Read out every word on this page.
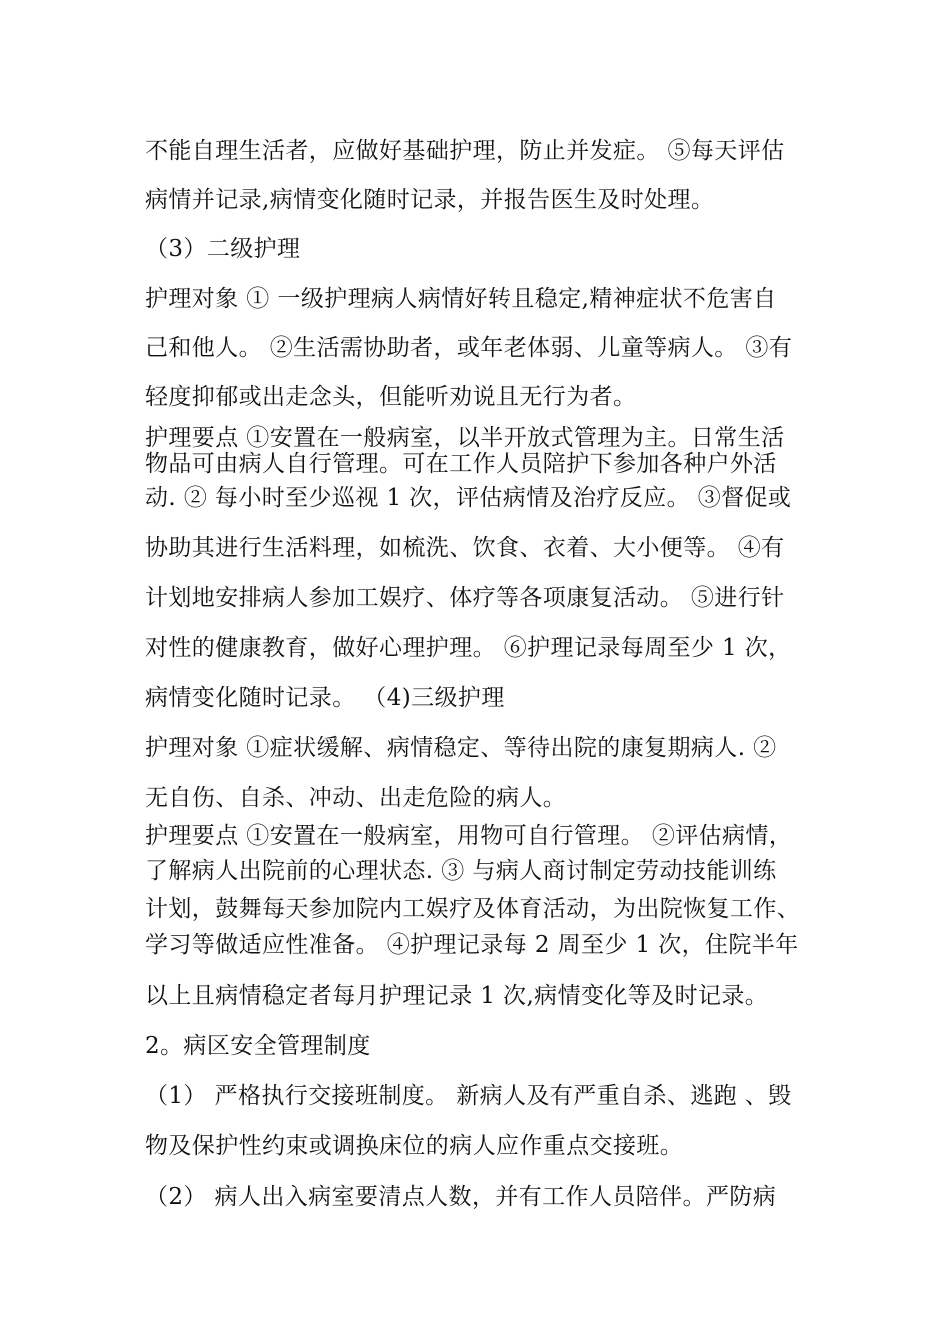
不能自理生活者，应做好基础护理，防止并发症。 ⑤每天评估
病情并记录,病情变化随时记录，并报告医生及时处理。
（3）二级护理
护理对象 ① 一级护理病人病情好转且稳定,精神症状不危害自
己和他人。 ②生活需协助者，或年老体弱、儿童等病人。 ③有
轻度抑郁或出走念头，但能听劝说且无行为者。
护理要点 ①安置在一般病室，以半开放式管理为主。日常生活
物品可由病人自行管理。可在工作人员陪护下参加各种户外活
动. ② 每小时至少巡视 1 次，评估病情及治疗反应。 ③督促或
协助其进行生活料理，如梳洗、饮食、衣着、大小便等。 ④有
计划地安排病人参加工娱疗、体疗等各项康复活动。 ⑤进行针
对性的健康教育，做好心理护理。 ⑥护理记录每周至少 1 次，
病情变化随时记录。 （4)三级护理
护理对象 ①症状缓解、病情稳定、等待出院的康复期病人. ②
无自伤、自杀、冲动、出走危险的病人。
护理要点 ①安置在一般病室，用物可自行管理。 ②评估病情，
了解病人出院前的心理状态. ③ 与病人商讨制定劳动技能训练
计划，鼓舞每天参加院内工娱疗及体育活动，为出院恢复工作、
学习等做适应性准备。 ④护理记录每 2 周至少 1 次，住院半年
以上且病情稳定者每月护理记录 1 次,病情变化等及时记录。
2。病区安全管理制度
（1） 严格执行交接班制度。 新病人及有严重自杀、逃跑 、毁
物及保护性约束或调换床位的病人应作重点交接班。
（2） 病人出入病室要清点人数，并有工作人员陪伴。严防病
